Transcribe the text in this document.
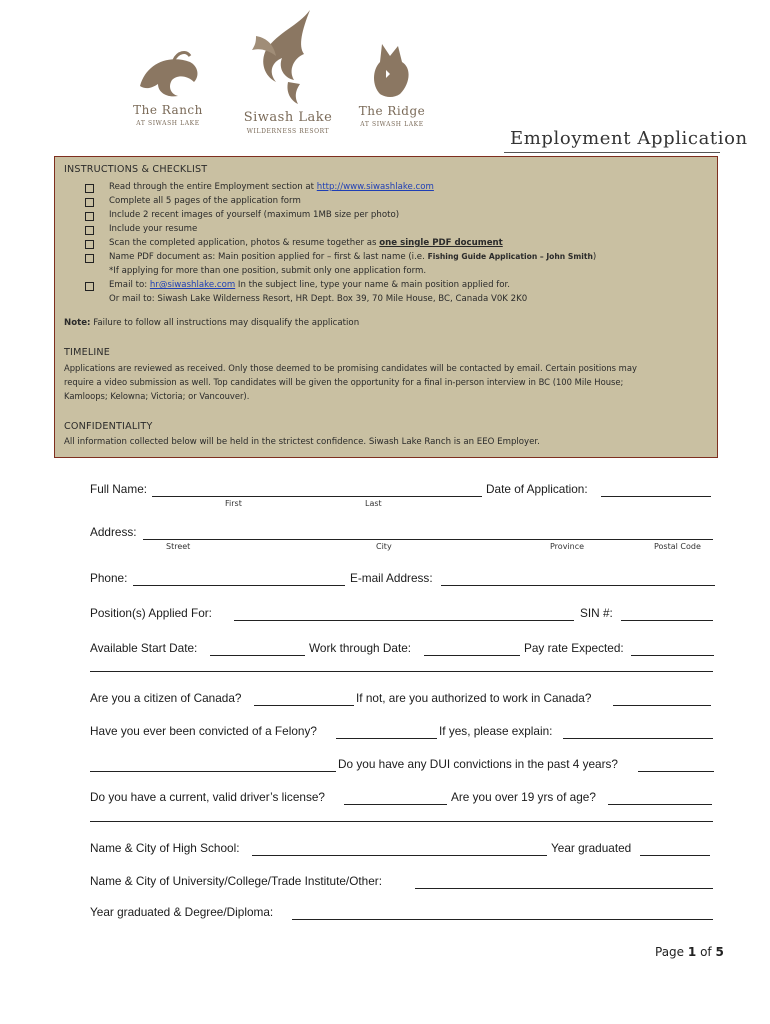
The Ranch
AT SIWASH LAKE	Siwash Lake
WILDERNESS RESORT
The Ridge
AT SIWASH LAKE
Employment Application
INSTRUCTIONS & CHECKLIST
Read through the entire Employment section at http://www.siwashlake.com
Complete all 5 pages of the application form
Include 2 recent images of yourself (maximum 1MB size per photo)
Include your resume
Scan the completed application, photos & resume together as one single PDF document
Name PDF document as: Main position applied for – first & last name (i.e. Fishing Guide Application – John Smith)
*If applying for more than one position, submit only one application form.
Email to: hr@siwashlake.com In the subject line, type your name & main position applied for.
Or mail to: Siwash Lake Wilderness Resort, HR Dept. Box 39, 70 Mile House, BC, Canada V0K 2K0
Note: Failure to follow all instructions may disqualify the application
TIMELINE
Applications are reviewed as received. Only those deemed to be promising candidates will be contacted by email. Certain positions may
require a video submission as well. Top candidates will be given the opportunity for a final in-person interview in BC (100 Mile House;
Kamloops; Kelowna; Victoria; or Vancouver).
CONFIDENTIALITY
All information collected below will be held in the strictest confidence. Siwash Lake Ranch is an EEO Employer.
Full Name:	Date of Application:
First	Last
Address:
Street	City	Province	Postal Code
Phone:	E-mail Address:
Position(s) Applied For:	SIN #:
Available Start Date:	Work through Date:	Pay rate Expected:
Are you a citizen of Canada?	If not, are you authorized to work in Canada?
Have you ever been convicted of a Felony?	If yes, please explain:
Do you have any DUI convictions in the past 4 years?
Do you have a current, valid driver’s license?	Are you over 19 yrs of age?
Name & City of High School:	Year graduated
Name & City of University/College/Trade Institute/Other:
Year graduated & Degree/Diploma:
Page 1 of 5
